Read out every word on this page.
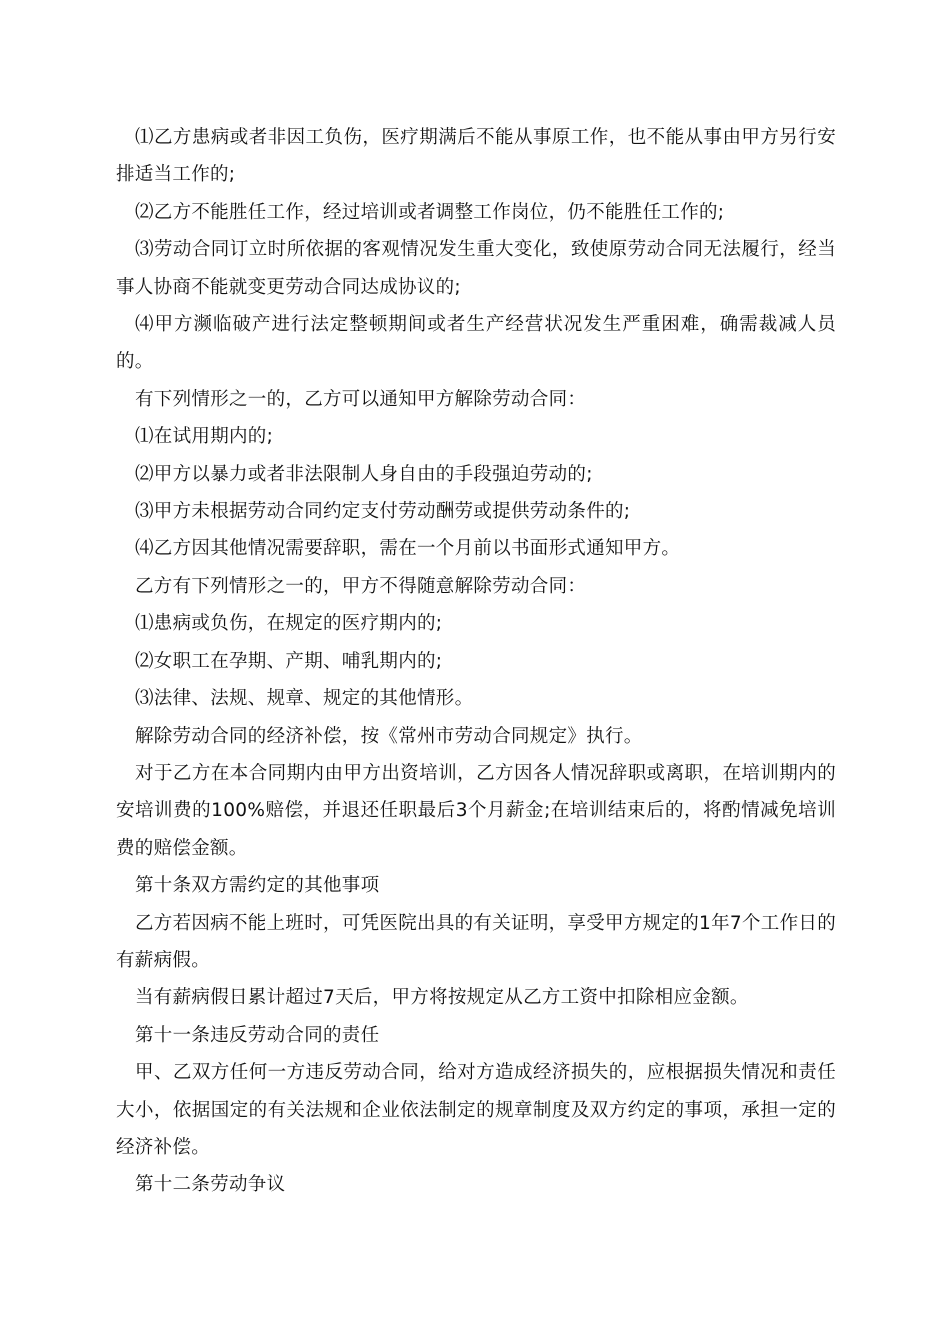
⑴乙方患病或者非因工负伤，医疗期满后不能从事原工作，也不能从事由甲方另行安排适当工作的;

⑵乙方不能胜任工作，经过培训或者调整工作岗位，仍不能胜任工作的;

⑶劳动合同订立时所依据的客观情况发生重大变化，致使原劳动合同无法履行，经当事人协商不能就变更劳动合同达成协议的;

⑷甲方濒临破产进行法定整顿期间或者生产经营状况发生严重困难，确需裁减人员的。

有下列情形之一的，乙方可以通知甲方解除劳动合同：

⑴在试用期内的;

⑵甲方以暴力或者非法限制人身自由的手段强迫劳动的;

⑶甲方未根据劳动合同约定支付劳动酬劳或提供劳动条件的;

⑷乙方因其他情况需要辞职，需在一个月前以书面形式通知甲方。

乙方有下列情形之一的，甲方不得随意解除劳动合同：

⑴患病或负伤，在规定的医疗期内的;

⑵女职工在孕期、产期、哺乳期内的;

⑶法律、法规、规章、规定的其他情形。

解除劳动合同的经济补偿，按《常州市劳动合同规定》执行。

对于乙方在本合同期内由甲方出资培训，乙方因各人情况辞职或离职，在培训期内的安培训费的100%赔偿，并退还任职最后3个月薪金;在培训结束后的，将酌情减免培训费的赔偿金额。

第十条双方需约定的其他事项

乙方若因病不能上班时，可凭医院出具的有关证明，享受甲方规定的1年7个工作日的有薪病假。

当有薪病假日累计超过7天后，甲方将按规定从乙方工资中扣除相应金额。

第十一条违反劳动合同的责任

甲、乙双方任何一方违反劳动合同，给对方造成经济损失的，应根据损失情况和责任大小，依据国定的有关法规和企业依法制定的规章制度及双方约定的事项，承担一定的经济补偿。

第十二条劳动争议
